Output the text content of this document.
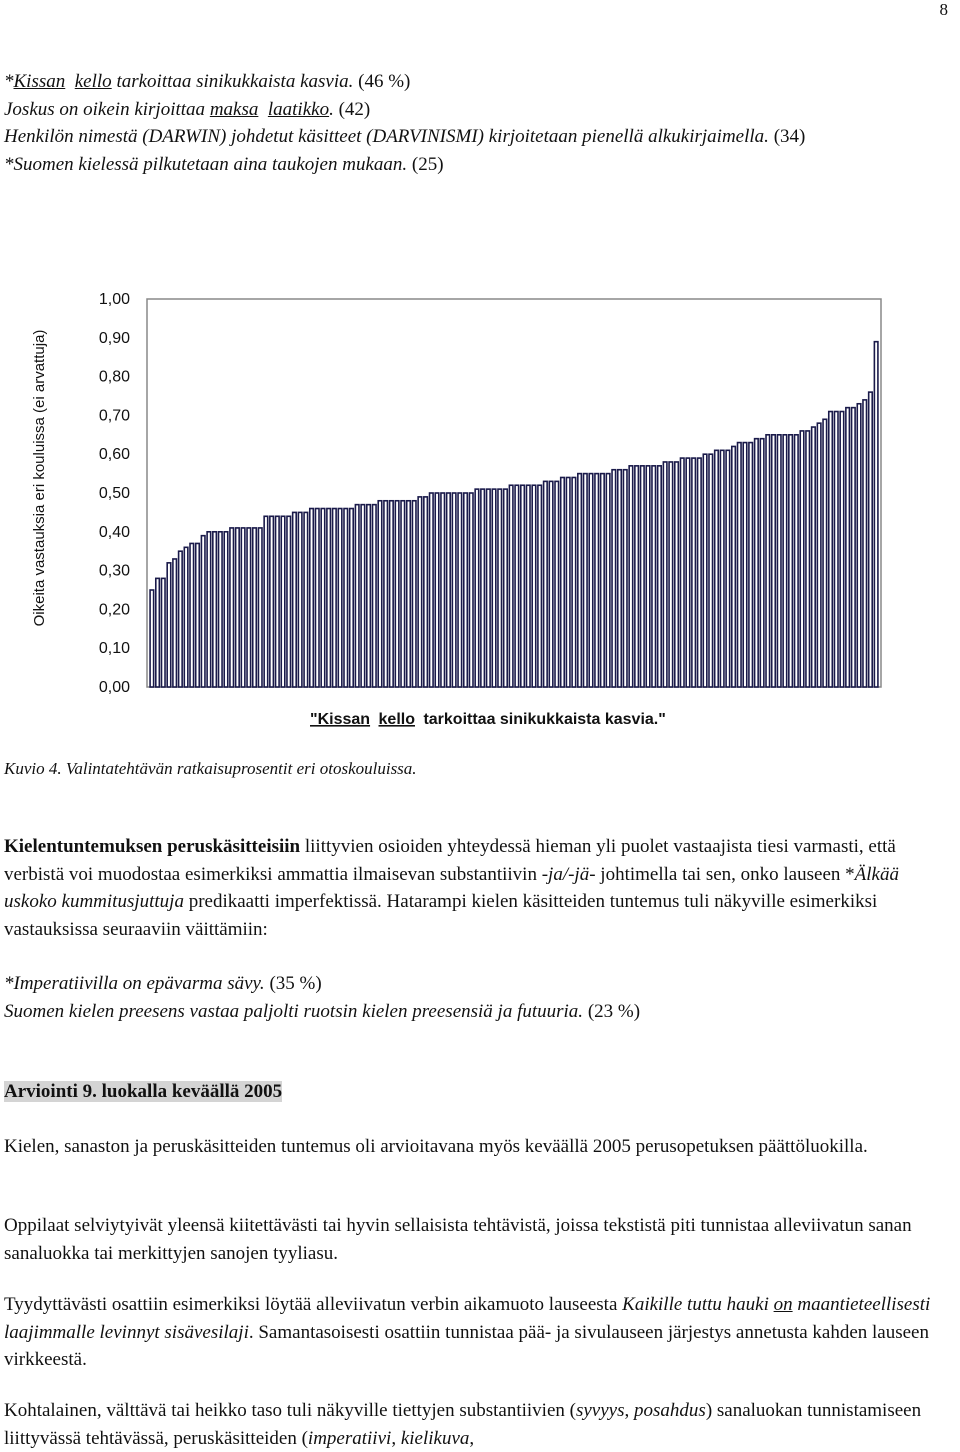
8

*Kissan kello tarkoittaa sinikukkaista kasvia. (46 %)

Joskus on oikein kirjoittaa maksa laatikko. (42)

Henkilön nimestä (DARWIN) johdetut käsitteet (DARVINISMI) kirjoitetaan pienellä alkukirjaimella. (34)

*Suomen kielessä pilkutetaan aina taukojen mukaan. (25)

0,00
0,10
0,20
0,30
0,40
0,50
0,60
0,70
0,80
0,90
1,00
Oikeita vastauksia eri kouluissa (ei arvattuja)
"Kissan kello tarkoittaa sinikukkaista kasvia."
Kuvio 4. Valintatehtävän ratkaisuprosentit eri otoskouluissa.

Kielentuntemuksen peruskäsitteisiin liittyvien osioiden yhteydessä hieman yli puolet vastaajista tiesi varmasti, että verbistä voi muodostaa esimerkiksi ammattia ilmaisevan substantiivin -ja/-jä- johtimella tai sen, onko lauseen *Älkää uskoko kummitusjuttuja predikaatti imperfektissä. Hatarampi kielen käsitteiden tuntemus tuli näkyville esimerkiksi vastauksissa seuraaviin väittämiin:

*Imperatiivilla on epävarma sävy. (35 %)

Suomen kielen preesens vastaa paljolti ruotsin kielen preesensiä ja futuuria. (23 %)

Arviointi 9. luokalla keväällä 2005

Kielen, sanaston ja peruskäsitteiden tuntemus oli arvioitavana myös keväällä 2005 perusopetuksen päättöluokilla.

Oppilaat selviytyivät yleensä kiitettävästi tai hyvin sellaisista tehtävistä, joissa tekstistä piti tunnistaa alleviivatun sanan sanaluokka tai merkittyjen sanojen tyyliasu.

Tyydyttävästi osattiin esimerkiksi löytää alleviivatun verbin aikamuoto lauseesta Kaikille tuttu hauki on maantieteellisesti laajimmalle levinnyt sisävesilaji. Samantasoisesti osattiin tunnistaa pää- ja sivulauseen järjestys annetusta kahden lauseen virkkeestä.

Kohtalainen, välttävä tai heikko taso tuli näkyville tiettyjen substantiivien (syvyys, posahdus) sanaluokan tunnistamiseen liittyvässä tehtävässä, peruskäsitteiden (imperatiivi, kielikuva,
